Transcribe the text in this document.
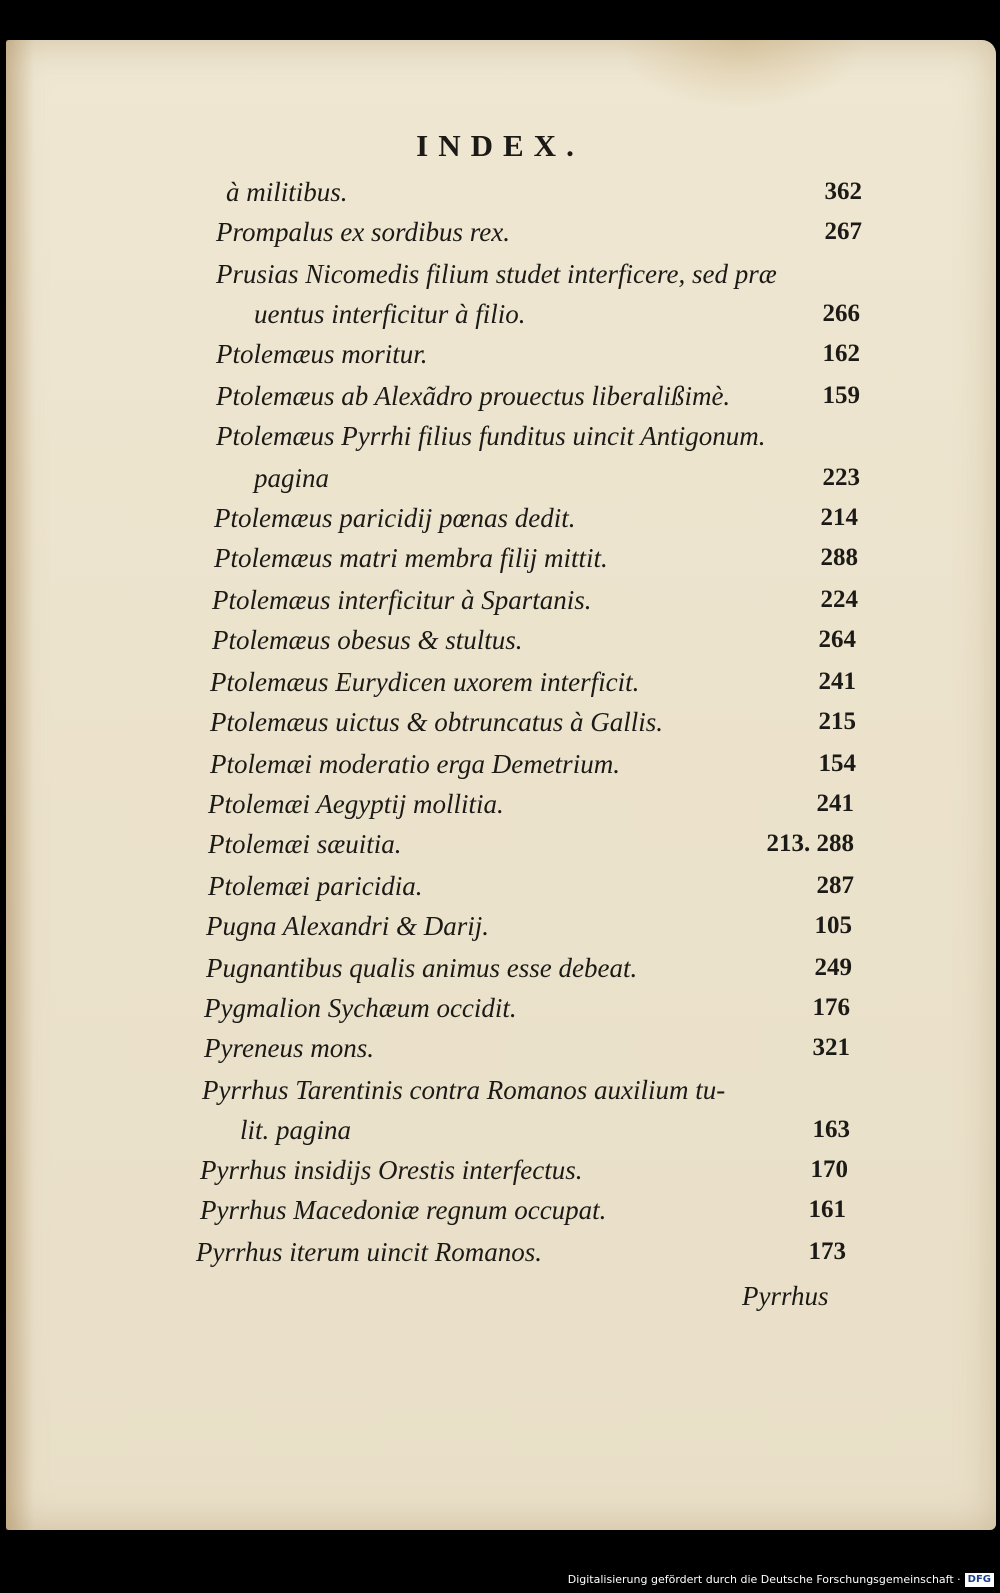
INDEX.
à militibus.	362
Prompalus ex sordibus rex.	267
Prusias Nicomedis filium studet interficere, sed præ
uentus interficitur à filio.	266
Ptolemæus moritur.	162
Ptolemæus ab Alexãdro prouectus liberalißimè.	159
Ptolemæus Pyrrhi filius funditus uincit Antigonum.
pagina	223
Ptolemæus paricidij pœnas dedit.	214
Ptolemæus matri membra filij mittit.	288
Ptolemæus interficitur à Spartanis.	224
Ptolemæus obesus & stultus.	264
Ptolemæus Eurydicen uxorem interficit.	241
Ptolemæus uictus & obtruncatus à Gallis.	215
Ptolemæi moderatio erga Demetrium.	154
Ptolemæi Aegyptij mollitia.	241
Ptolemæi sæuitia.	213. 288
Ptolemæi paricidia.	287
Pugna Alexandri & Darij.	105
Pugnantibus qualis animus esse debeat.	249
Pygmalion Sychæum occidit.	176
Pyreneus mons.	321
Pyrrhus Tarentinis contra Romanos auxilium tu-
lit. pagina	163
Pyrrhus insidijs Orestis interfectus.	170
Pyrrhus Macedoniæ regnum occupat.	161
Pyrrhus iterum uincit Romanos.	173
Pyrrhus
Digitalisierung gefördert durch die Deutsche Forschungsgemeinschaft · DFG
